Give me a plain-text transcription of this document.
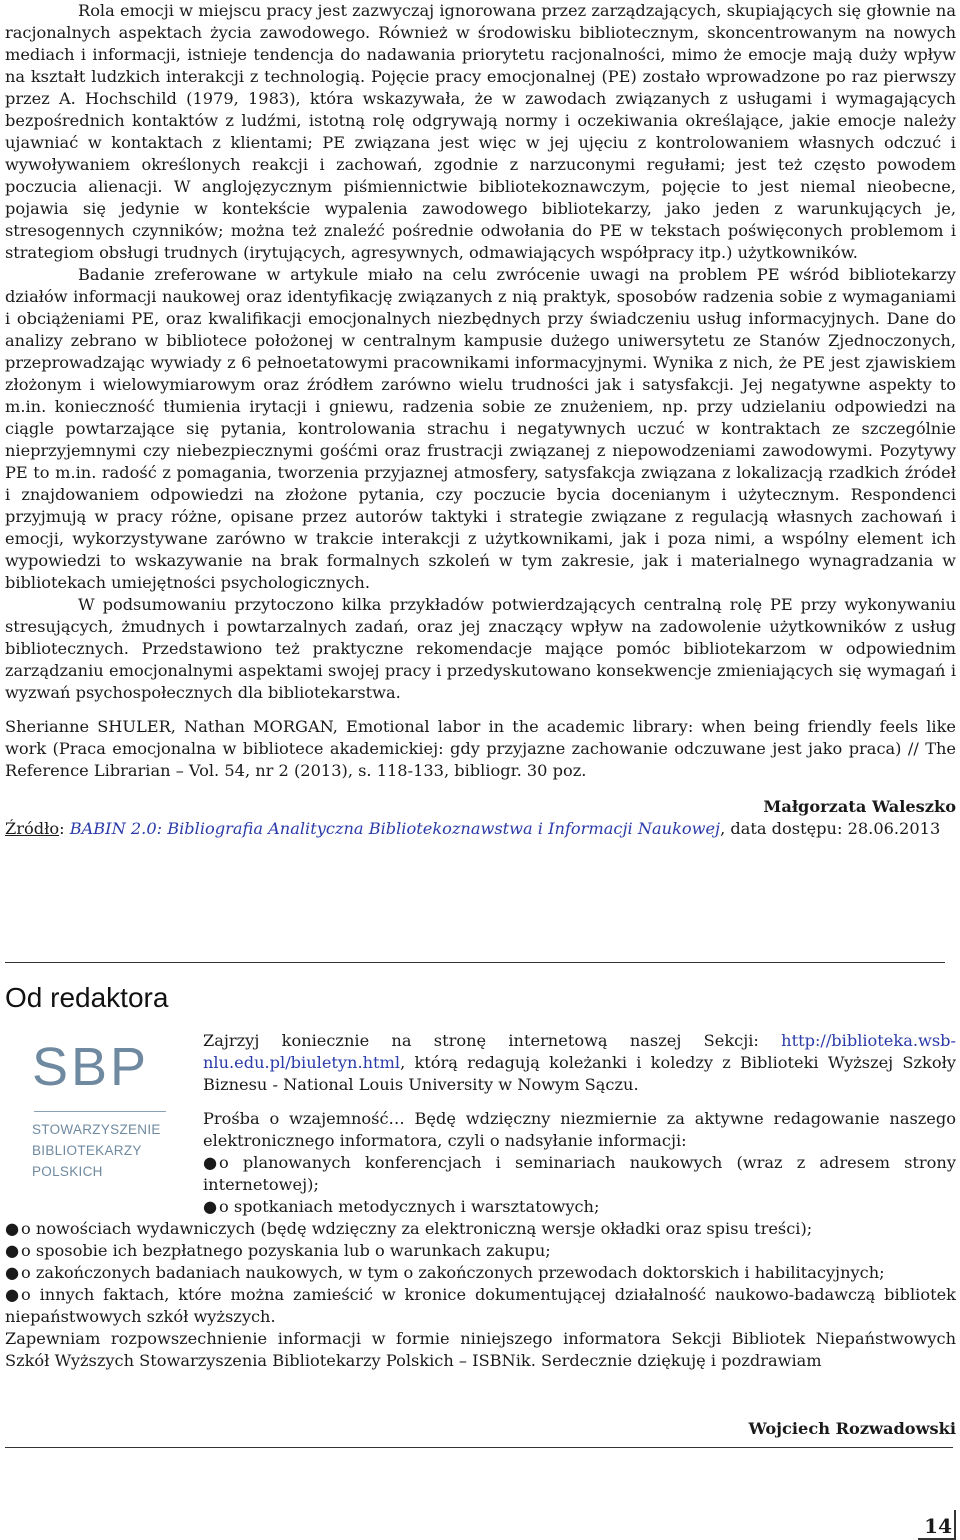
Rola emocji w miejscu pracy jest zazwyczaj ignorowana przez zarządzających, skupiających się głownie na racjonalnych aspektach życia zawodowego. Również w środowisku bibliotecznym, skoncentrowanym na nowych mediach i informacji, istnieje tendencja do nadawania priorytetu racjonalności, mimo że emocje mają duży wpływ na kształt ludzkich interakcji z technologią. Pojęcie pracy emocjonalnej (PE) zostało wprowadzone po raz pierwszy przez A. Hochschild (1979, 1983), która wskazywała, że w zawodach związanych z usługami i wymagających bezpośrednich kontaktów z ludźmi, istotną rolę odgrywają normy i oczekiwania określające, jakie emocje należy ujawniać w kontaktach z klientami; PE związana jest więc w jej ujęciu z kontrolowaniem własnych odczuć i wywoływaniem określonych reakcji i zachowań, zgodnie z narzuconymi regułami; jest też często powodem poczucia alienacji. W anglojęzycznym piśmiennictwie bibliotekoznawczym, pojęcie to jest niemal nieobecne, pojawia się jedynie w kontekście wypalenia zawodowego bibliotekarzy, jako jeden z warunkujących je, stresogennych czynników; można też znaleźć pośrednie odwołania do PE w tekstach poświęconych problemom i strategiom obsługi trudnych (irytujących, agresywnych, odmawiających współpracy itp.) użytkowników.

Badanie zreferowane w artykule miało na celu zwrócenie uwagi na problem PE wśród bibliotekarzy działów informacji naukowej oraz identyfikację związanych z nią praktyk, sposobów radzenia sobie z wymaganiami i obciążeniami PE, oraz kwalifikacji emocjonalnych niezbędnych przy świadczeniu usług informacyjnych. Dane do analizy zebrano w bibliotece położonej w centralnym kampusie dużego uniwersytetu ze Stanów Zjednoczonych, przeprowadzając wywiady z 6 pełnoetatowymi pracownikami informacyjnymi. Wynika z nich, że PE jest zjawiskiem złożonym i wielowymiarowym oraz źródłem zarówno wielu trudności jak i satysfakcji. Jej negatywne aspekty to m.in. konieczność tłumienia irytacji i gniewu, radzenia sobie ze znużeniem, np. przy udzielaniu odpowiedzi na ciągle powtarzające się pytania, kontrolowania strachu i negatywnych uczuć w kontraktach ze szczególnie nieprzyjemnymi czy niebezpiecznymi gośćmi oraz frustracji związanej z niepowodzeniami zawodowymi. Pozytywy PE to m.in. radość z pomagania, tworzenia przyjaznej atmosfery, satysfakcja związana z lokalizacją rzadkich źródeł i znajdowaniem odpowiedzi na złożone pytania, czy poczucie bycia docenianym i użytecznym. Respondenci przyjmują w pracy różne, opisane przez autorów taktyki i strategie związane z regulacją własnych zachowań i emocji, wykorzystywane zarówno w trakcie interakcji z użytkownikami, jak i poza nimi, a wspólny element ich wypowiedzi to wskazywanie na brak formalnych szkoleń w tym zakresie, jak i materialnego wynagradzania w bibliotekach umiejętności psychologicznych.

W podsumowaniu przytoczono kilka przykładów potwierdzających centralną rolę PE przy wykonywaniu stresujących, żmudnych i powtarzalnych zadań, oraz jej znaczący wpływ na zadowolenie użytkowników z usług bibliotecznych. Przedstawiono też praktyczne rekomendacje mające pomóc bibliotekarzom w odpowiednim zarządzaniu emocjonalnymi aspektami swojej pracy i przedyskutowano konsekwencje zmieniających się wymagań i wyzwań psychospołecznych dla bibliotekarstwa.

Sherianne SHULER, Nathan MORGAN, Emotional labor in the academic library: when being friendly feels like work (Praca emocjonalna w bibliotece akademickiej: gdy przyjazne zachowanie odczuwane jest jako praca) // The Reference Librarian – Vol. 54, nr 2 (2013), s. 118-133, bibliogr. 30 poz.

Małgorzata Waleszko

Źródło: BABIN 2.0: Bibliografia Analityczna Bibliotekoznawstwa i Informacji Naukowej, data dostępu: 28.06.2013

Od redaktora
SBP
STOWARZYSZENIE
BIBLIOTEKARZY
POLSKICH

Zajrzyj koniecznie na stronę internetową naszej Sekcji: http://biblioteka.wsb-nlu.edu.pl/biuletyn.html, którą redagują koleżanki i koledzy z Biblioteki Wyższej Szkoły Biznesu - National Louis University w Nowym Sączu.

Prośba o wzajemność… Będę wdzięczny niezmiernie za aktywne redagowanie naszego elektronicznego informatora, czyli o nadsyłanie informacji:

● o planowanych konferencjach i seminariach naukowych (wraz z adresem strony internetowej);

● o spotkaniach metodycznych i warsztatowych;

● o nowościach wydawniczych (będę wdzięczny za elektroniczną wersje okładki oraz spisu treści);

● o sposobie ich bezpłatnego pozyskania lub o warunkach zakupu;

● o zakończonych badaniach naukowych, w tym o zakończonych przewodach doktorskich i habilitacyjnych;

● o innych faktach, które można zamieścić w kronice dokumentującej działalność naukowo-badawczą bibliotek niepaństwowych szkół wyższych.

Zapewniam rozpowszechnienie informacji w formie niniejszego informatora Sekcji Bibliotek Niepaństwowych Szkół Wyższych Stowarzyszenia Bibliotekarzy Polskich – ISBNik. Serdecznie dziękuję i pozdrawiam

Wojciech Rozwadowski
14
